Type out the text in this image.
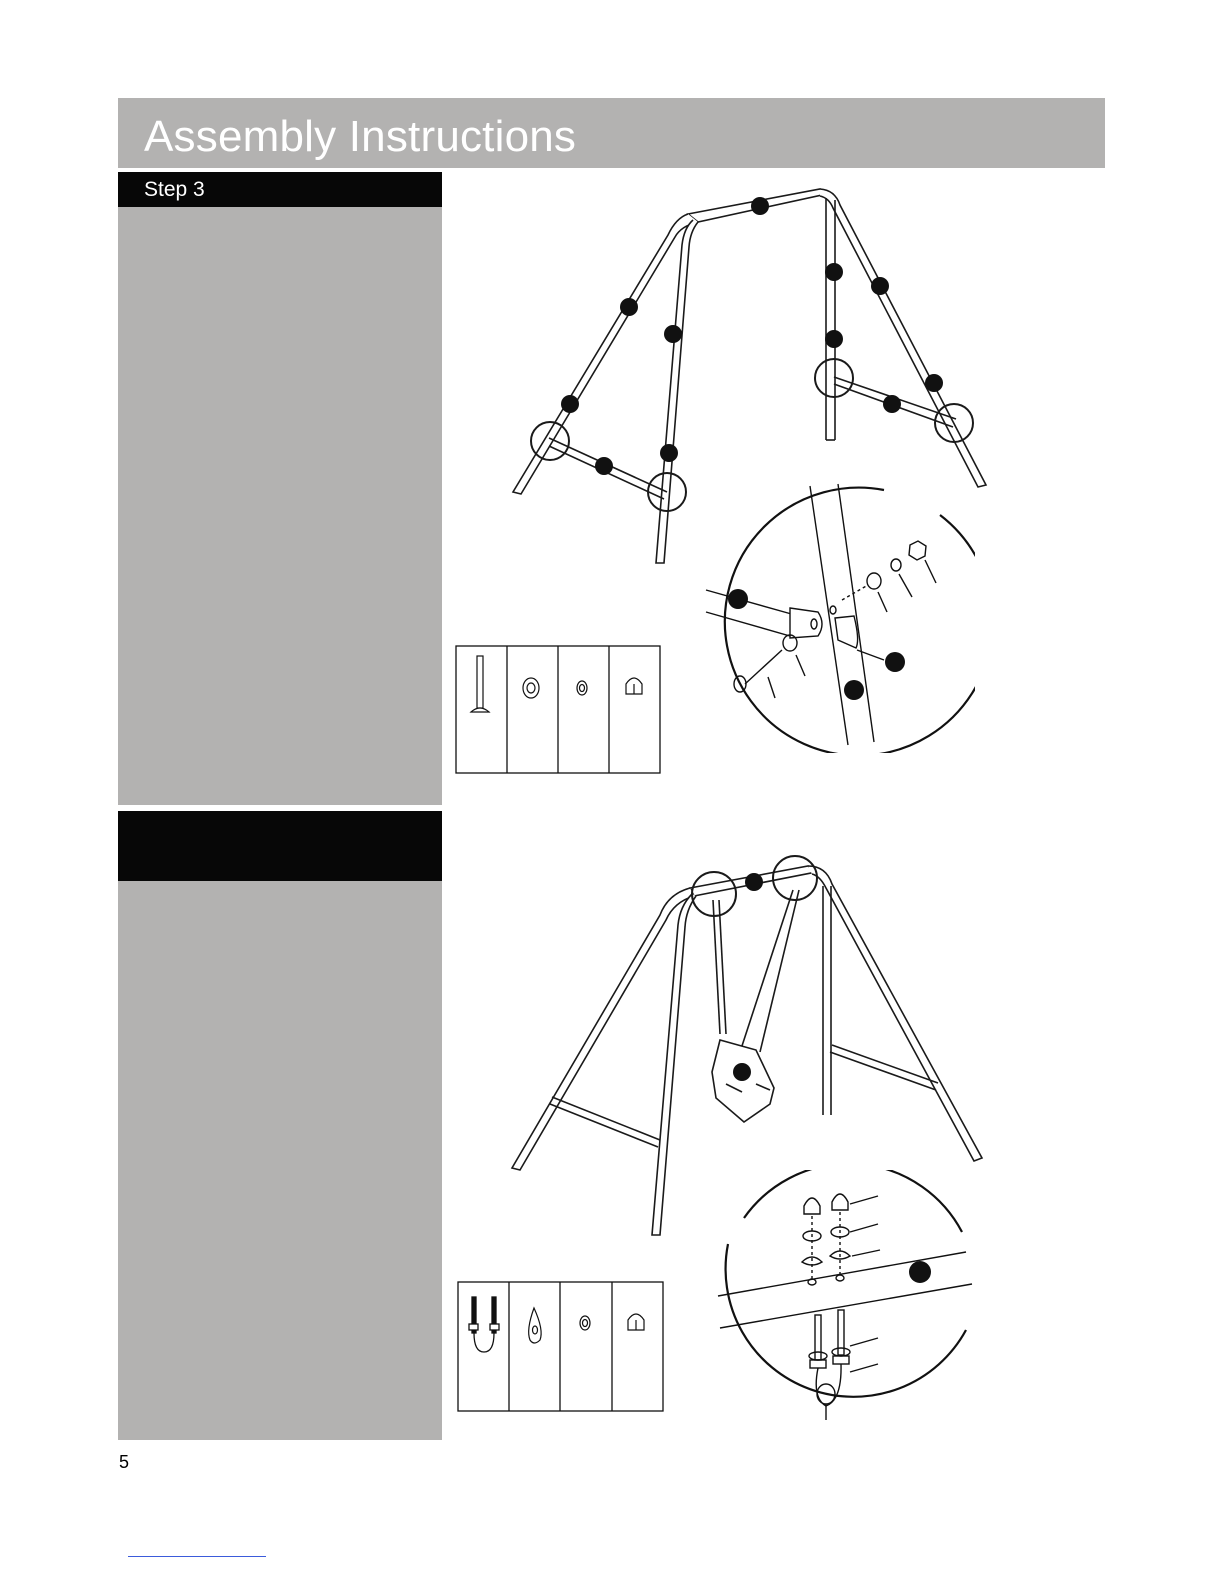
Assembly Instructions
Step 3
5
